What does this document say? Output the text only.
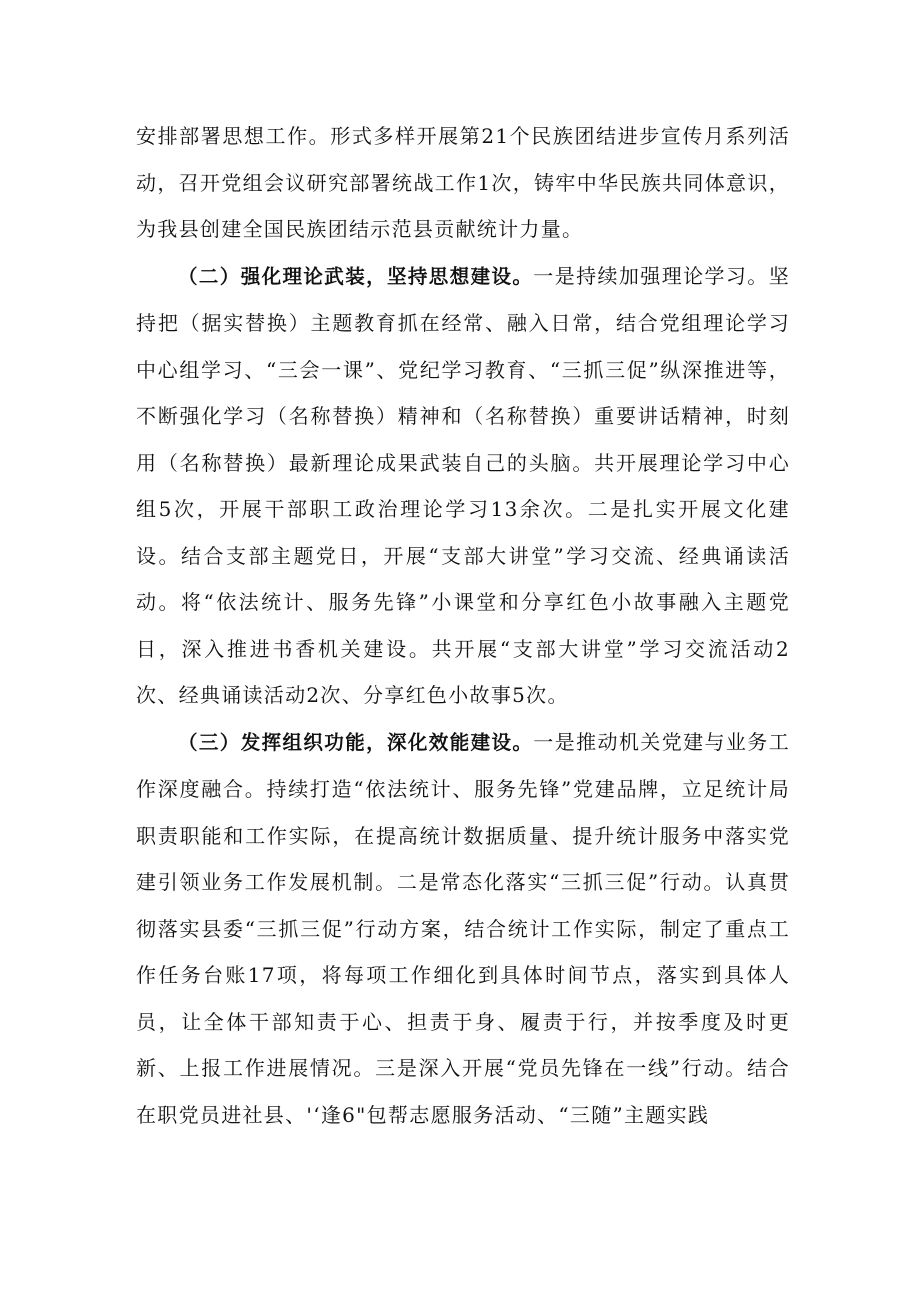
安排部署思想工作。形式多样开展第21个民族团结进步宣传月系列活动，召开党组会议研究部署统战工作1次，铸牢中华民族共同体意识，为我县创建全国民族团结示范县贡献统计力量。

（二）强化理论武装，坚持思想建设。一是持续加强理论学习。坚持把（据实替换）主题教育抓在经常、融入日常，结合党组理论学习中心组学习、“三会一课”、党纪学习教育、“三抓三促”纵深推进等，不断强化学习（名称替换）精神和（名称替换）重要讲话精神，时刻用（名称替换）最新理论成果武装自己的头脑。共开展理论学习中心组5次，开展干部职工政治理论学习13余次。二是扎实开展文化建设。结合支部主题党日，开展“支部大讲堂”学习交流、经典诵读活动。将“依法统计、服务先锋”小课堂和分享红色小故事融入主题党日，深入推进书香机关建设。共开展“支部大讲堂”学习交流活动2次、经典诵读活动2次、分享红色小故事5次。

（三）发挥组织功能，深化效能建设。一是推动机关党建与业务工作深度融合。持续打造“依法统计、服务先锋”党建品牌，立足统计局职责职能和工作实际，在提高统计数据质量、提升统计服务中落实党建引领业务工作发展机制。二是常态化落实“三抓三促”行动。认真贯彻落实县委“三抓三促”行动方案，结合统计工作实际，制定了重点工作任务台账17项，将每项工作细化到具体时间节点，落实到具体人员，让全体干部知责于心、担责于身、履责于行，并按季度及时更新、上报工作进展情况。三是深入开展“党员先锋在一线”行动。结合在职党员进社县、'‘逢6"包帮志愿服务活动、“三随”主题实践
